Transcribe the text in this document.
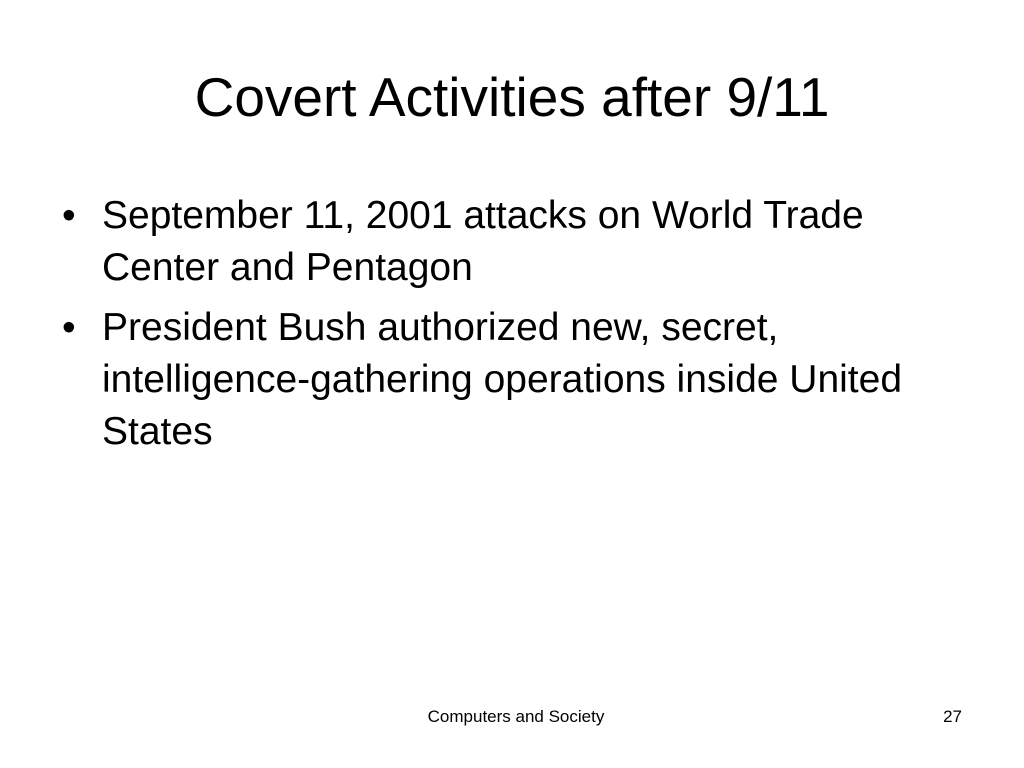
Covert Activities after 9/11
• September 11, 2001 attacks on World Trade Center and Pentagon
• President Bush authorized new, secret, intelligence-gathering operations inside United States
Computers and Society	27
